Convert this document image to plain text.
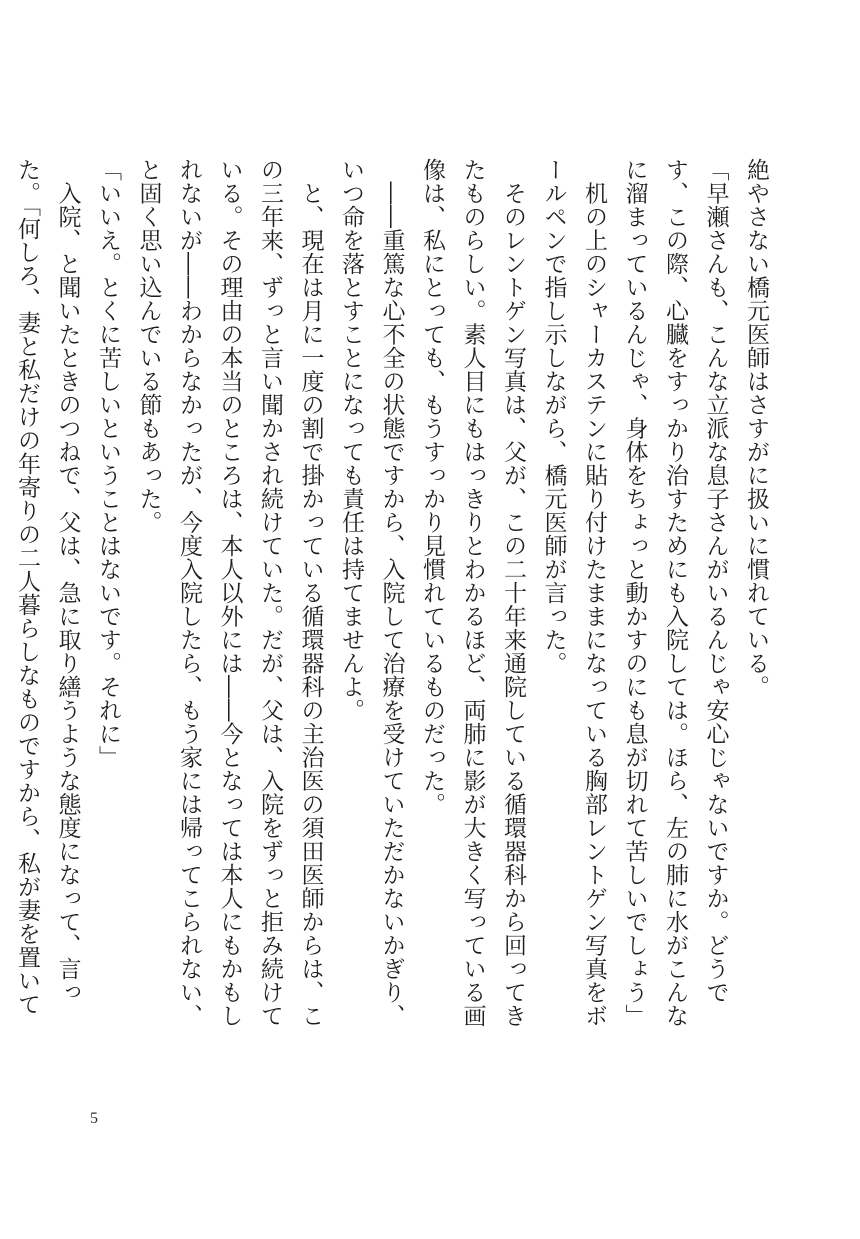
絶やさない橋元医師はさすがに扱いに慣れている。

「早瀬さんも、こんな立派な息子さんがいるんじゃ安心じゃないですか。どうです、この際、心臓をすっかり治すためにも入院しては。ほら、左の肺に水がこんなに溜まっているんじゃ、身体をちょっと動かすのにも息が切れて苦しいでしょう」

　机の上のシャーカステンに貼り付けたままになっている胸部レントゲン写真をボールペンで指し示しながら、橋元医師が言った。

　そのレントゲン写真は、父が、この二十年来通院している循環器科から回ってきたものらしい。素人目にもはっきりとわかるほど、両肺に影が大きく写っている画像は、私にとっても、もうすっかり見慣れているものだった。

　――重篤な心不全の状態ですから、入院して治療を受けていただかないかぎり、いつ命を落とすことになっても責任は持てませんよ。

　と、現在は月に一度の割で掛かっている循環器科の主治医の須田医師からは、この三年来、ずっと言い聞かされ続けていた。だが、父は、入院をずっと拒み続けている。その理由の本当のところは、本人以外には――今となっては本人にもかもしれないが――わからなかったが、今度入院したら、もう家には帰ってこられない、と固く思い込んでいる節もあった。

「いいえ。とくに苦しいということはないです。それに」

　入院、と聞いたときのつねで、父は、急に取り繕うような態度になって、言った。「何しろ、妻と私だけの年寄りの二人暮らしなものですから、私が妻を置いて

5
